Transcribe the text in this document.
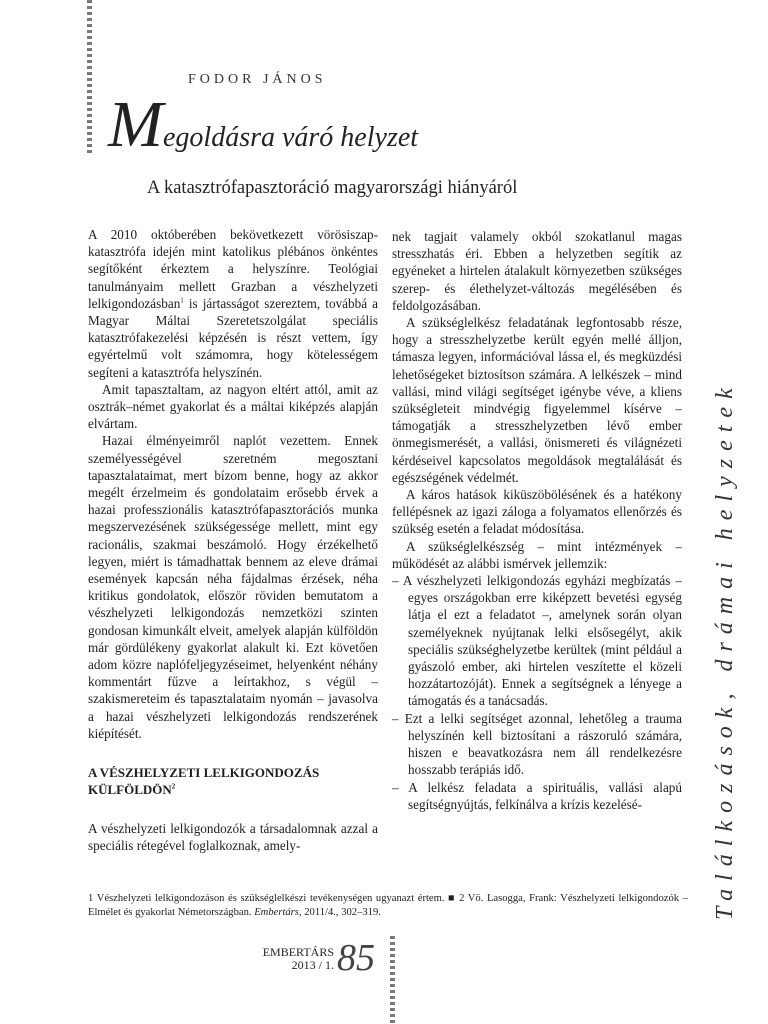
FODOR JÁNOS
Megoldásra váró helyzet
A katasztrófapasztoráció magyarországi hiányáról

A 2010 októberében bekövetkezett vörösiszap-katasztrófa idején mint katolikus plébános önkéntes segítőként érkeztem a helyszínre. Teológiai tanulmányaim mellett Grazban a vészhelyzeti lelkigondozásban$^1$ is jártasságot szereztem, továbbá a Magyar Máltai Szeretetszolgálat speciális katasztrófakezelési képzésén is részt vettem, így egyértelmű volt számomra, hogy kötelességem segíteni a katasztrófa helyszínén.

Amit tapasztaltam, az nagyon eltért attól, amit az osztrák–német gyakorlat és a máltai kiképzés alapján elvártam.

Hazai élményeimről naplót vezettem. Ennek személyességével szeretném megosztani tapasztalataimat, mert bízom benne, hogy az akkor megélt érzelmeim és gondolataim erősebb érvek a hazai professzionális katasztrófapasztorációs munka megszervezésének szükségessége mellett, mint egy racionális, szakmai beszámoló. Hogy érzékelhető legyen, miért is támadhattak bennem az eleve drámai események kapcsán néha fájdalmas érzések, néha kritikus gondolatok, először röviden bemutatom a vészhelyzeti lelkigondozás nemzetközi szinten gondosan kimunkált elveit, amelyek alapján külföldön már gördülékeny gyakorlat alakult ki. Ezt követően adom közre naplófeljegyzéseimet, helyenként néhány kommentárt fűzve a leírtakhoz, s végül – szakismereteim és tapasztalataim nyomán – javasolva a hazai vészhelyzeti lelkigondozás rendszerének kiépítését.

A VÉSZHELYZETI LELKIGONDOZÁS KÜLFÖLDÖN$^2$

A vészhelyzeti lelkigondozók a társadalomnak azzal a speciális rétegével foglalkoznak, amely-

nek tagjait valamely okból szokatlanul magas stresszhatás éri. Ebben a helyzetben segítik az egyéneket a hirtelen átalakult környezetben szükséges szerep- és élethelyzet-változás megélésében és feldolgozásában.

A szükséglelkész feladatának legfontosabb része, hogy a stresszhelyzetbe került egyén mellé álljon, támasza legyen, információval lássa el, és megküzdési lehetőségeket biztosítson számára. A lelkészek – mind vallási, mind világi segítséget igénybe véve, a kliens szükségleteit mindvégig figyelemmel kísérve – támogatják a stresszhelyzetben lévő ember önmegismerését, a vallási, önismereti és világnézeti kérdéseivel kapcsolatos megoldások megtalálását és egészségének védelmét.

A káros hatások kiküszöbölésének és a hatékony fellépésnek az igazi záloga a folyamatos ellenőrzés és szükség esetén a feladat módosítása.

A szükséglelkészség – mint intézmények – működését az alábbi ismérvek jellemzik:

– A vészhelyzeti lelkigondozás egyházi megbízatás – egyes országokban erre kiképzett bevetési egység látja el ezt a feladatot –, amelynek során olyan személyeknek nyújtanak lelki elsősegélyt, akik speciális szükséghelyzetbe kerültek (mint például a gyászoló ember, aki hirtelen veszítette el közeli hozzátartozóját). Ennek a segítségnek a lényege a támogatás és a tanácsadás.
– Ezt a lelki segítséget azonnal, lehetőleg a trauma helyszínén kell biztosítani a rászoruló számára, hiszen e beavatkozásra nem áll rendelkezésre hosszabb terápiás idő.
– A lelkész feladata a spirituális, vallási alapú segítségnyújtás, felkínálva a krízis kezelésé-	Találkozások, drámai helyzetek
1 Vészhelyzeti lelkigondozáson és szükséglelkészi tevékenységen ugyanazt értem. ■ 2 Vö. Lasogga, Frank: Vészhelyzeti lelkigondozók – Elmélet és gyakorlat Németországban. Embertárs, 2011/4., 302–319.
EMBERTÁRS
2013 / 1. 85
